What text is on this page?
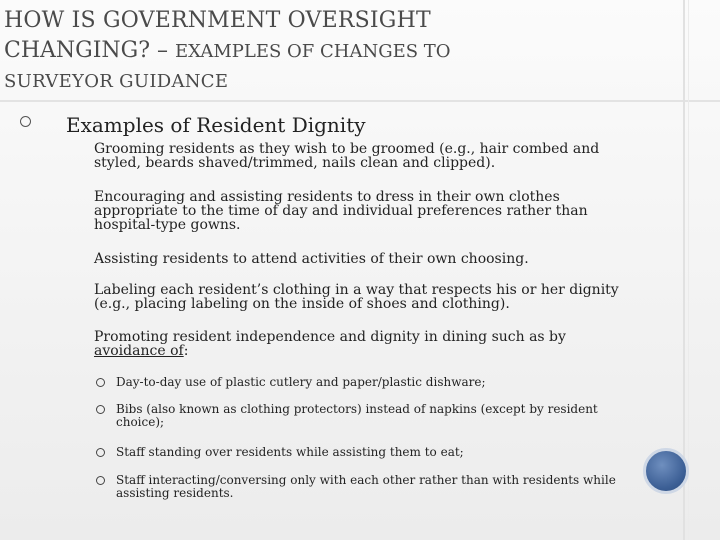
HOW IS GOVERNMENT OVERSIGHT
CHANGING? – EXAMPLES OF CHANGES TO
SURVEYOR GUIDANCE
Examples of Resident Dignity
Grooming residents as they wish to be groomed (e.g., hair combed and styled, beards shaved/trimmed, nails clean and clipped).
Encouraging and assisting residents to dress in their own clothes appropriate to the time of day and individual preferences rather than hospital-type gowns.
Assisting residents to attend activities of their own choosing.
Labeling each resident’s clothing in a way that respects his or her dignity (e.g., placing labeling on the inside of shoes and clothing).
Promoting resident independence and dignity in dining such as by avoidance of:
Day-to-day use of plastic cutlery and paper/plastic dishware;
Bibs (also known as clothing protectors) instead of napkins (except by resident choice);
Staff standing over residents while assisting them to eat;
Staff interacting/conversing only with each other rather than with residents while assisting residents.
